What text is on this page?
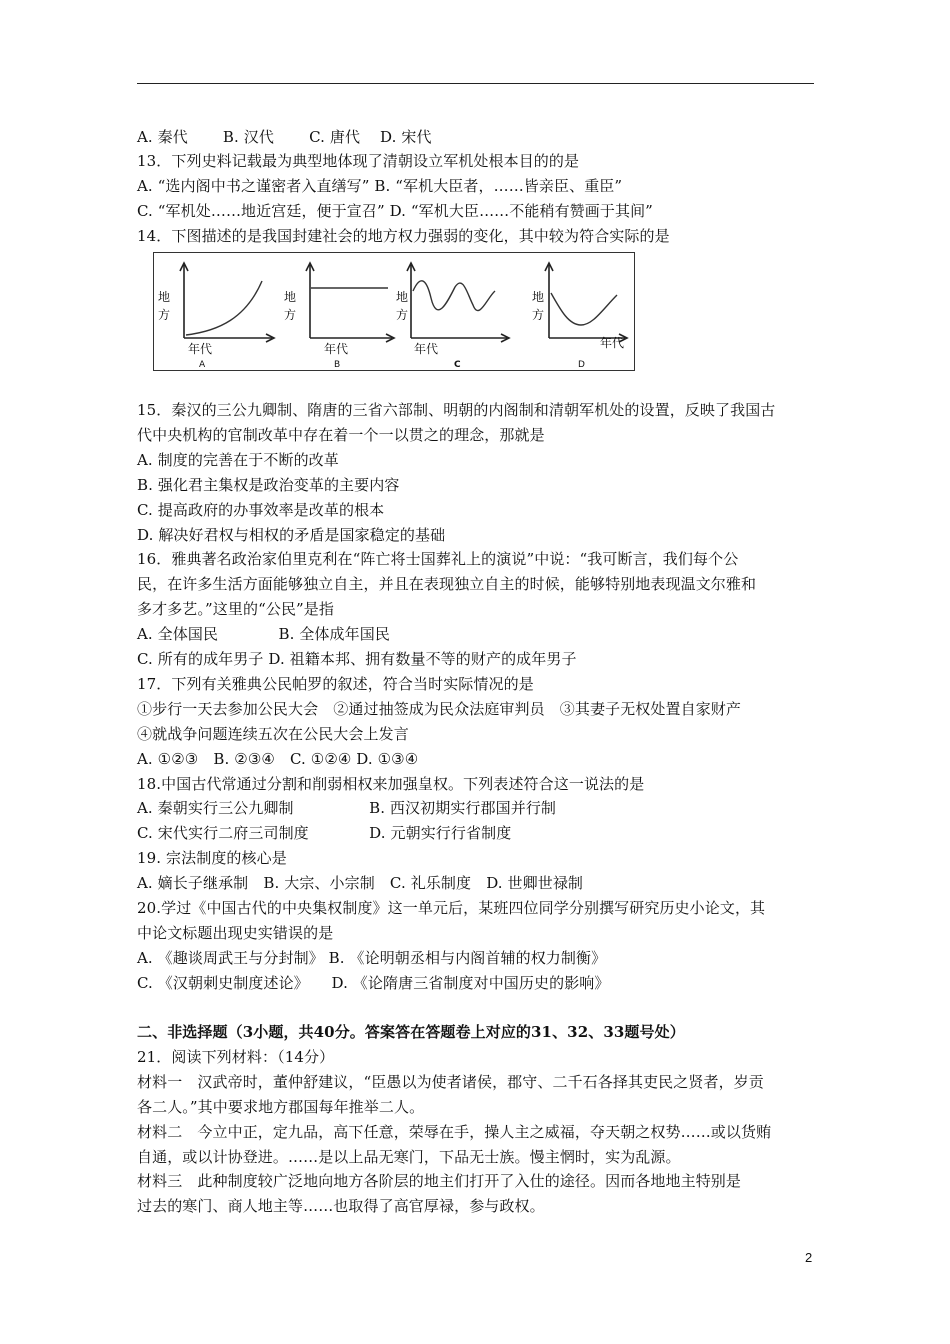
A. 秦代　　 B. 汉代　　 C. 唐代　 D. 宋代
13．下列史料记载最为典型地体现了清朝设立军机处根本目的的是
A. “选内阁中书之谨密者入直缮写” B. “军机大臣者，……皆亲臣、重臣”
C. “军机处……地近宫廷，便于宣召” D. “军机大臣……不能稍有赞画于其间”
14．下图描述的是我国封建社会的地方权力强弱的变化，其中较为符合实际的是
地
方
年代
A
地
方
年代
B
地
方
年代
C
地
方
年代
D
15．秦汉的三公九卿制、隋唐的三省六部制、明朝的内阁制和清朝军机处的设置，反映了我国古
代中央机构的官制改革中存在着一个一以贯之的理念，那就是
A. 制度的完善在于不断的改革
B. 强化君主集权是政治变革的主要内容
C. 提高政府的办事效率是改革的根本
D. 解决好君权与相权的矛盾是国家稳定的基础
16．雅典著名政治家伯里克利在“阵亡将士国葬礼上的演说”中说：“我可断言，我们每个公
民，在许多生活方面能够独立自主，并且在表现独立自主的时候，能够特别地表现温文尔雅和
多才多艺。”这里的“公民”是指
A. 全体国民　　　　B. 全体成年国民
C. 所有的成年男子 D. 祖籍本邦、拥有数量不等的财产的成年男子
17．下列有关雅典公民帕罗的叙述，符合当时实际情况的是
①步行一天去参加公民大会　②通过抽签成为民众法庭审判员　③其妻子无权处置自家财产
④就战争问题连续五次在公民大会上发言
A. ①②③　B. ②③④　C. ①②④ D. ①③④
18.中国古代常通过分割和削弱相权来加强皇权。下列表述符合这一说法的是
A. 秦朝实行三公九卿制　　　　　B. 西汉初期实行郡国并行制
C. 宋代实行二府三司制度　　　　D. 元朝实行行省制度
19. 宗法制度的核心是
A. 嫡长子继承制　B. 大宗、小宗制　C. 礼乐制度　D. 世卿世禄制
20.学过《中国古代的中央集权制度》这一单元后，某班四位同学分别撰写研究历史小论文，其
中论文标题出现史实错误的是
A. 《趣谈周武王与分封制》 B. 《论明朝丞相与内阁首辅的权力制衡》
C. 《汉朝刺史制度述论》　　D. 《论隋唐三省制度对中国历史的影响》
二、非选择题（3小题，共40分。答案答在答题卷上对应的31、32、33题号处）
21．阅读下列材料：（14分）
材料一　汉武帝时，董仲舒建议，“臣愚以为使者诸侯，郡守、二千石各择其吏民之贤者，岁贡
各二人。”其中要求地方郡国每年推举二人。
材料二　今立中正，定九品，高下任意，荣辱在手，操人主之威福，夺天朝之权势……或以货贿
自通，或以计协登进。……是以上品无寒门，下品无士族。慢主惘时，实为乱源。
材料三　此种制度较广泛地向地方各阶层的地主们打开了入仕的途径。因而各地地主特别是
过去的寒门、商人地主等……也取得了高官厚禄，参与政权。
2
